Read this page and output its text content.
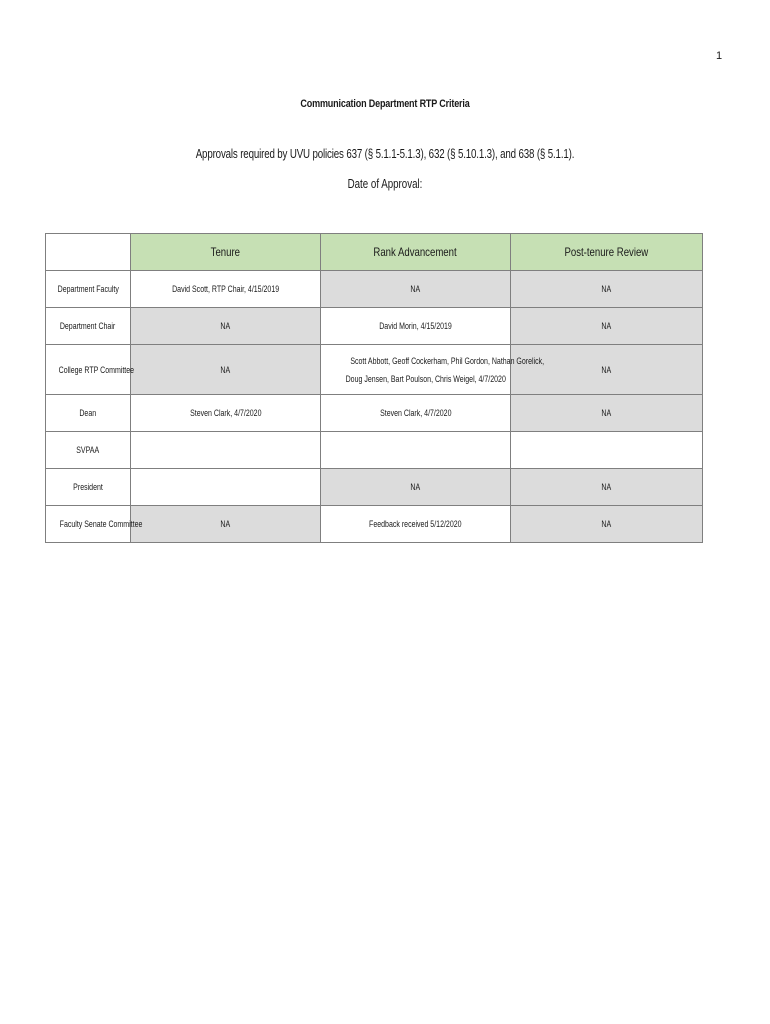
1
Communication Department RTP Criteria
Approvals required by UVU policies 637 (§ 5.1.1-5.1.3), 632 (§ 5.10.1.3), and 638 (§ 5.1.1).
Date of Approval:
	Tenure	Rank Advancement	Post-tenure Review
Department Faculty	David Scott, RTP Chair, 4/15/2019	NA	NA
Department Chair	NA	David Morin, 4/15/2019	NA
College RTP Committee	NA	Scott Abbott, Geoff Cockerham, Phil Gordon, Nathan Gorelick,
Doug Jensen, Bart Poulson, Chris Weigel, 4/7/2020	NA
Dean	Steven Clark, 4/7/2020	Steven Clark, 4/7/2020	NA
SVPAA			
President		NA	NA
Faculty Senate Committee	NA	Feedback received 5/12/2020	NA
